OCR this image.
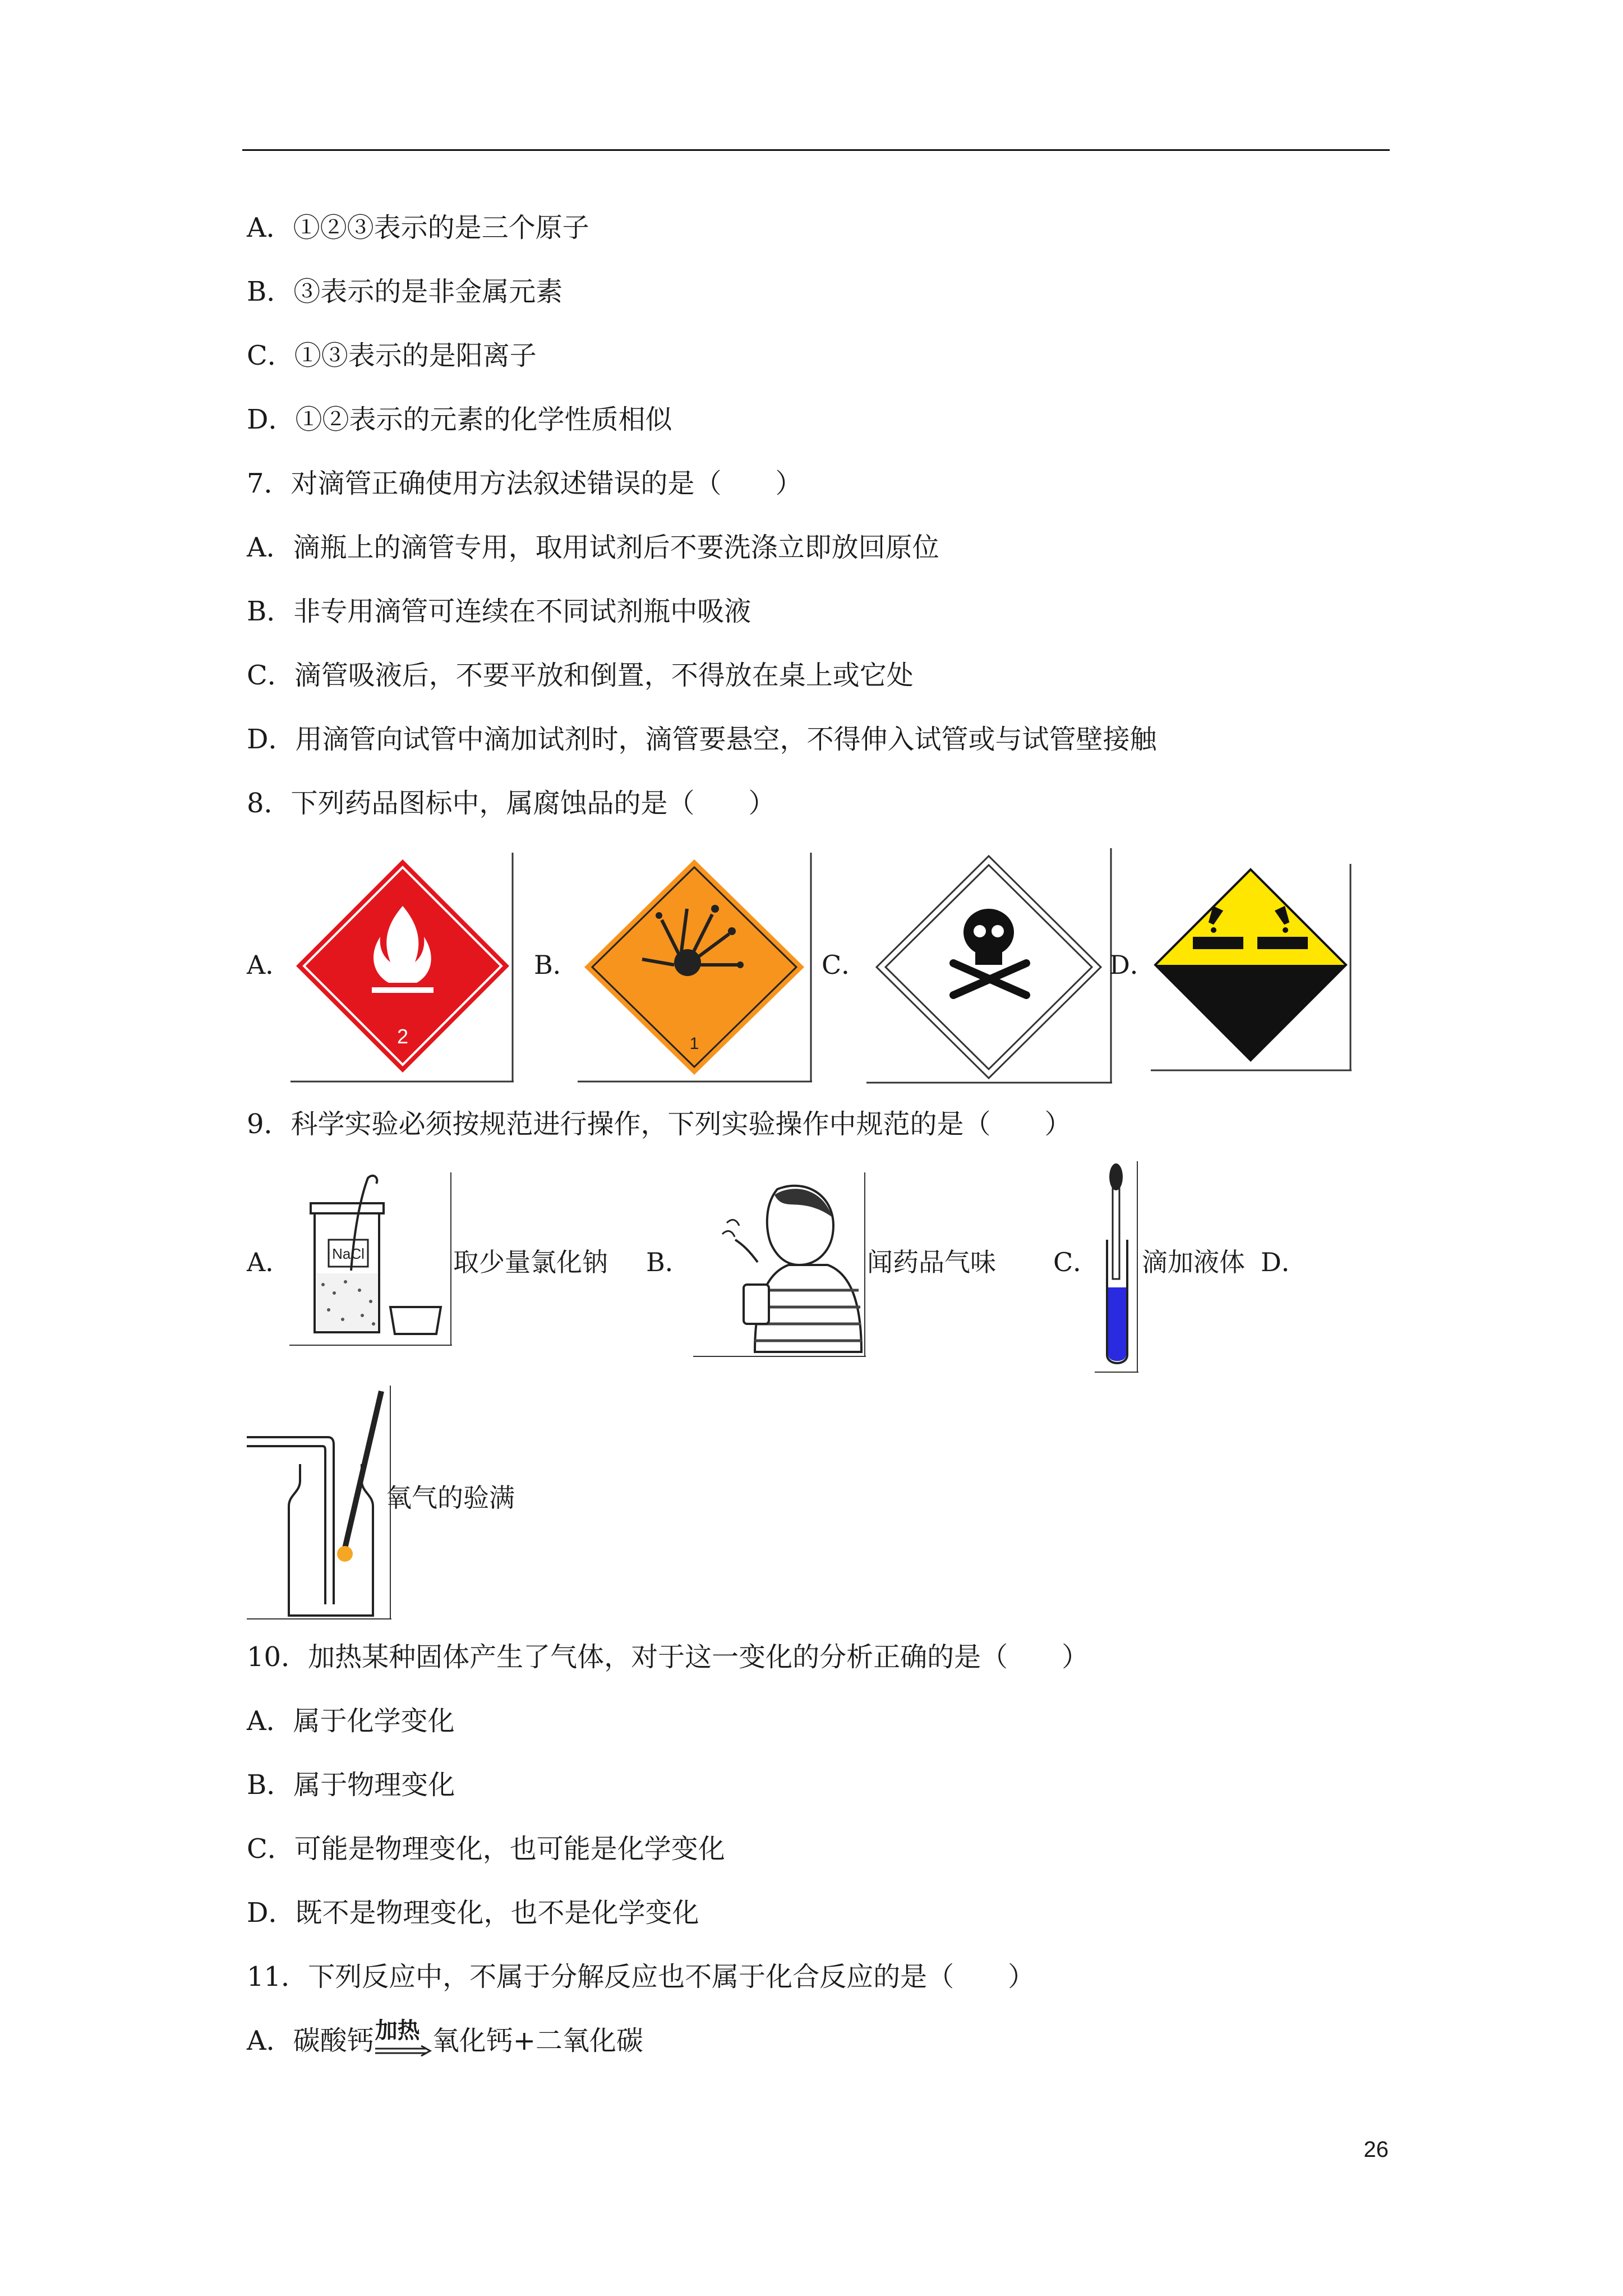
A．①②③表示的是三个原子
B．③表示的是非金属元素
C．①③表示的是阳离子
D．①②表示的元素的化学性质相似
7．对滴管正确使用方法叙述错误的是（　　）
A．滴瓶上的滴管专用，取用试剂后不要洗涤立即放回原位
B．非专用滴管可连续在不同试剂瓶中吸液
C．滴管吸液后，不要平放和倒置，不得放在桌上或它处
D．用滴管向试管中滴加试剂时，滴管要悬空，不得伸入试管或与试管壁接触
8．下列药品图标中，属腐蚀品的是（　　）
A．
2
B．
1
C．	D．
9．科学实验必须按规范进行操作，下列实验操作中规范的是（　　）
A．	NaCl	取少量氯化钠 B．	闻药品气味 C． 滴加液体 D．
氧气的验满
10．加热某种固体产生了气体，对于这一变化的分析正确的是（　　）
A．属于化学变化
B．属于物理变化
C．可能是物理变化，也可能是化学变化
D．既不是物理变化，也不是化学变化
11．下列反应中，不属于分解反应也不属于化合反应的是（　　）
A．碳酸钙 加热 氧化钙+二氧化碳
26
